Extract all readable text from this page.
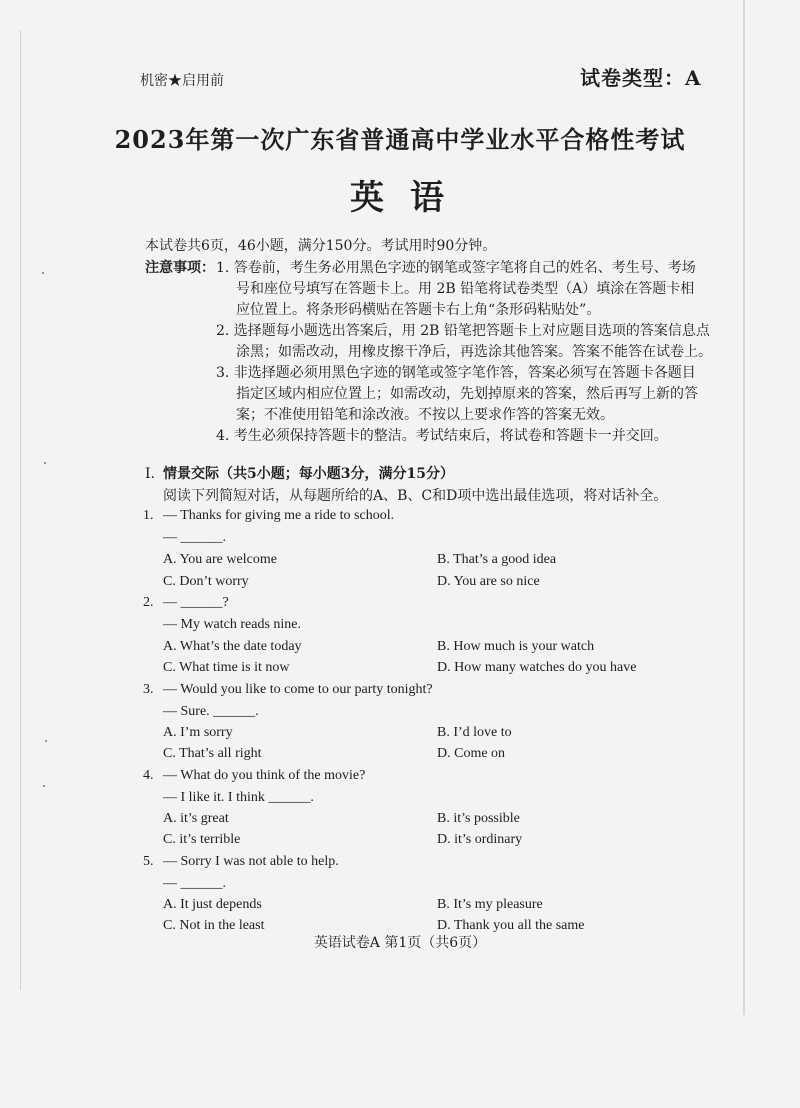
机密★启用前	试卷类型：A
2023年第一次广东省普通高中学业水平合格性考试
英语
本试卷共6页，46小题，满分150分。考试用时90分钟。
注意事项： 1. 答卷前，考生务必用黑色字迹的钢笔或签字笔将自己的姓名、考生号、考场
号和座位号填写在答题卡上。用 2B 铅笔将试卷类型（A）填涂在答题卡相
应位置上。将条形码横贴在答题卡右上角“条形码粘贴处”。
2. 选择题每小题选出答案后，用 2B 铅笔把答题卡上对应题目选项的答案信息点
涂黑；如需改动，用橡皮擦干净后，再选涂其他答案。答案不能答在试卷上。
3. 非选择题必须用黑色字迹的钢笔或签字笔作答，答案必须写在答题卡各题目
指定区域内相应位置上；如需改动，先划掉原来的答案，然后再写上新的答
案；不准使用铅笔和涂改液。不按以上要求作答的答案无效。
4. 考生必须保持答题卡的整洁。考试结束后，将试卷和答题卡一并交回。
I. 情景交际（共5小题；每小题3分，满分15分）
阅读下列简短对话，从每题所给的A、B、C和D项中选出最佳选项，将对话补全。
1. — Thanks for giving me a ride to school.
— ______.
A. You are welcome	B. That’s a good idea
C. Don’t worry	D. You are so nice
2. — ______?
— My watch reads nine.
A. What’s the date today	B. How much is your watch
C. What time is it now	D. How many watches do you have
3. — Would you like to come to our party tonight?
— Sure. ______.
A. I’m sorry	B. I’d love to
C. That’s all right	D. Come on
4. — What do you think of the movie?
— I like it. I think ______.
A. it’s great	B. it’s possible
C. it’s terrible	D. it’s ordinary
5. — Sorry I was not able to help.
— ______.
A. It just depends	B. It’s my pleasure
C. Not in the least	D. Thank you all the same
英语试卷A 第1页（共6页）
